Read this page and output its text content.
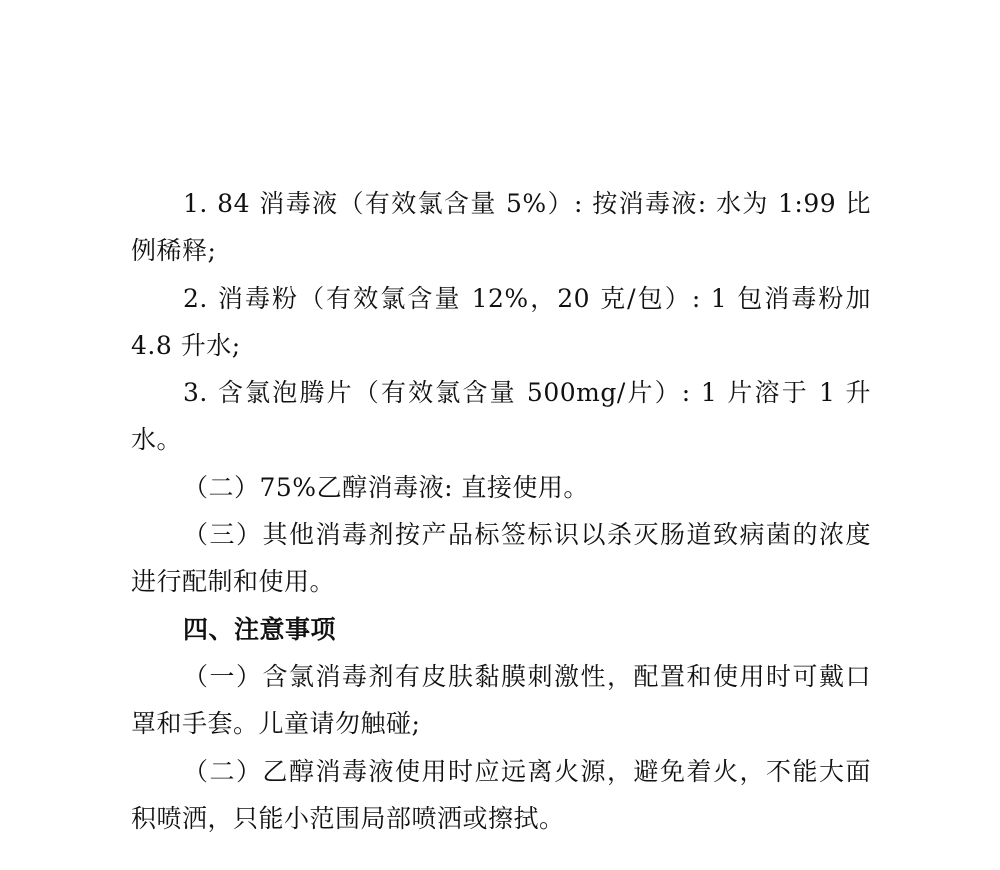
1. 84 消毒液（有效氯含量 5%）: 按消毒液: 水为 1:99 比例稀释;

2. 消毒粉（有效氯含量 12%，20 克/包）: 1 包消毒粉加 4.8 升水;

3. 含氯泡腾片（有效氯含量 500mg/片）: 1 片溶于 1 升水。

（二）75%乙醇消毒液: 直接使用。

（三）其他消毒剂按产品标签标识以杀灭肠道致病菌的浓度进行配制和使用。

四、注意事项

（一）含氯消毒剂有皮肤黏膜刺激性，配置和使用时可戴口罩和手套。儿童请勿触碰;

（二）乙醇消毒液使用时应远离火源，避免着火，不能大面积喷洒，只能小范围局部喷洒或擦拭。
